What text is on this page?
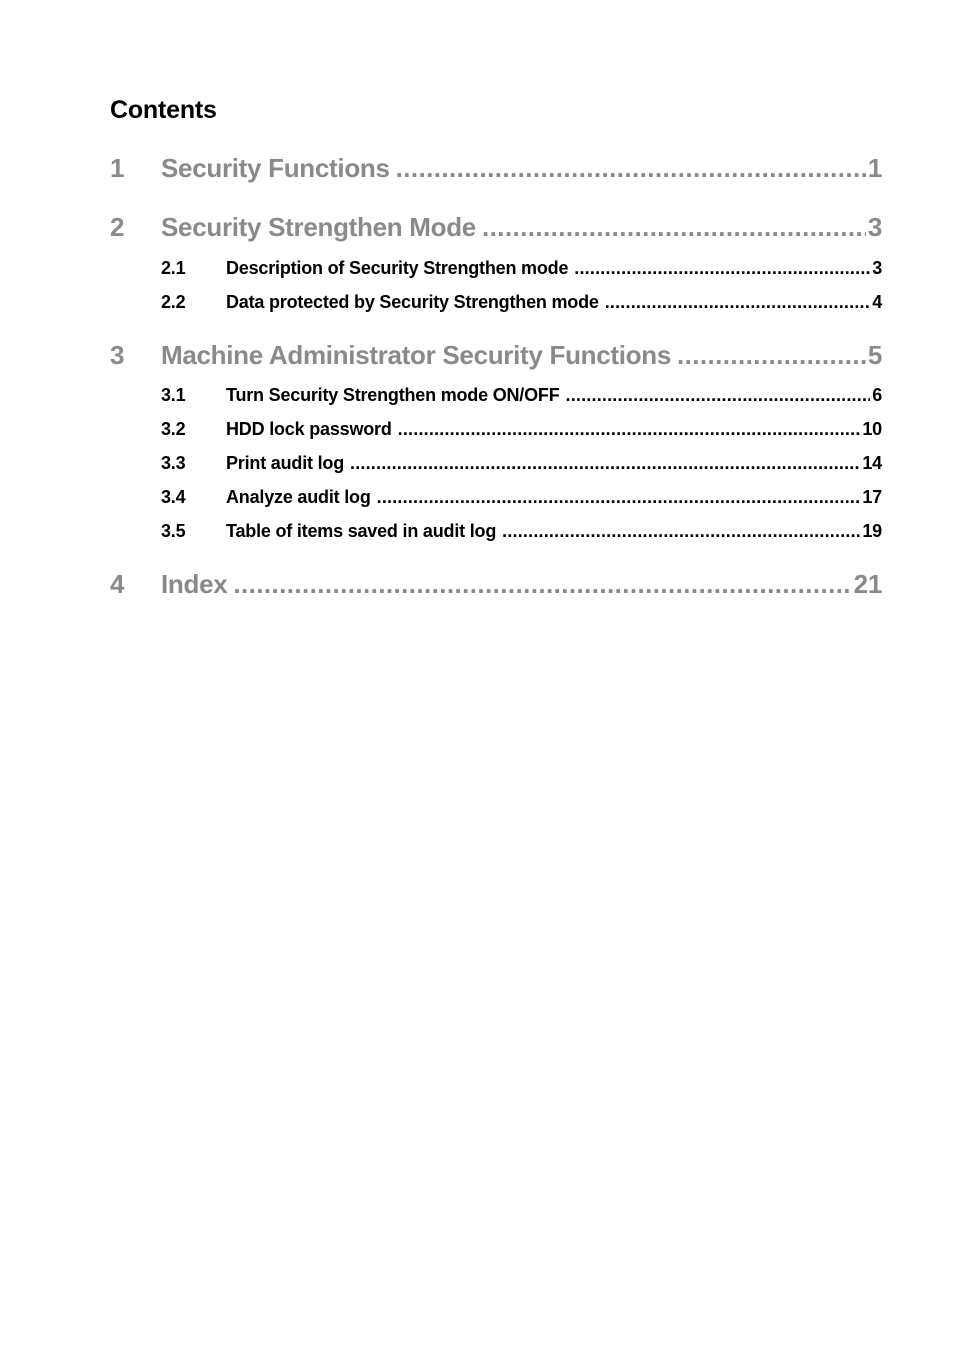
Contents
1	Security Functions .....	1
2	Security Strengthen Mode .....	3
2.1	Description of Security Strengthen mode .....	3
2.2	Data protected by Security Strengthen mode .....	4
3	Machine Administrator Security Functions .....	5
3.1	Turn Security Strengthen mode ON/OFF .....	6
3.2	HDD lock password .....	10
3.3	Print audit log .....	14
3.4	Analyze audit log .....	17
3.5	Table of items saved in audit log .....	19
4	Index .....	21
